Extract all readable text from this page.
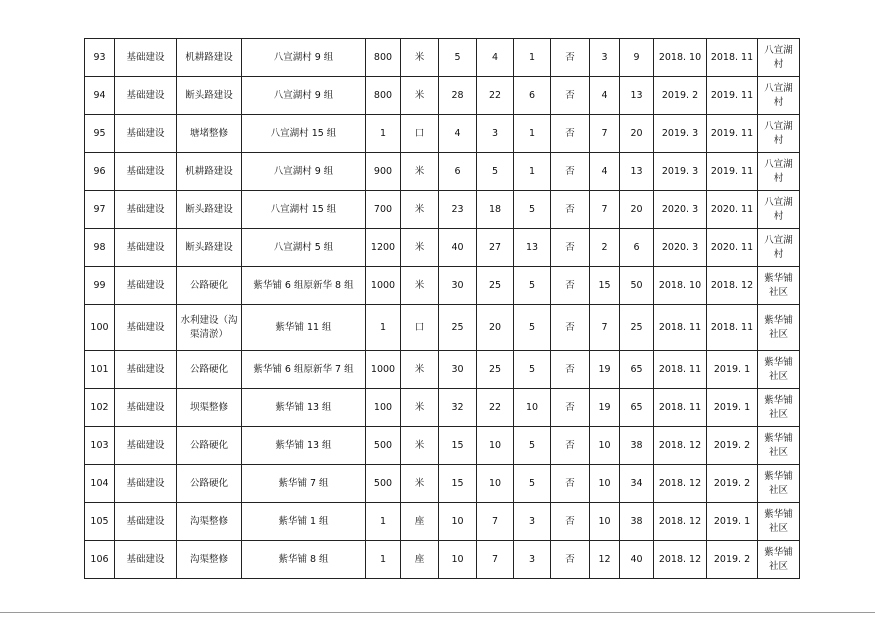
93	基础建设	机耕路建设	八宣湖村 9 组	800	米	5	4	1	否	3	9	2018. 10	2018. 11	八宣湖村
94	基础建设	断头路建设	八宣湖村 9 组	800	米	28	22	6	否	4	13	2019. 2	2019. 11	八宣湖村
95	基础建设	塘堵整修	八宣湖村 15 组	1	口	4	3	1	否	7	20	2019. 3	2019. 11	八宣湖村
96	基础建设	机耕路建设	八宣湖村 9 组	900	米	6	5	1	否	4	13	2019. 3	2019. 11	八宣湖村
97	基础建设	断头路建设	八宣湖村 15 组	700	米	23	18	5	否	7	20	2020. 3	2020. 11	八宣湖村
98	基础建设	断头路建设	八宣湖村 5 组	1200	米	40	27	13	否	2	6	2020. 3	2020. 11	八宣湖村
99	基础建设	公路硬化	紫华铺 6 组原新华 8 组	1000	米	30	25	5	否	15	50	2018. 10	2018. 12	紫华铺社区
100	基础建设	水利建设（沟渠清淤）	紫华铺 11 组	1	口	25	20	5	否	7	25	2018. 11	2018. 11	紫华铺社区
101	基础建设	公路硬化	紫华铺 6 组原新华 7 组	1000	米	30	25	5	否	19	65	2018. 11	2019. 1	紫华铺社区
102	基础建设	坝渠整修	紫华铺 13 组	100	米	32	22	10	否	19	65	2018. 11	2019. 1	紫华铺社区
103	基础建设	公路硬化	紫华铺 13 组	500	米	15	10	5	否	10	38	2018. 12	2019. 2	紫华铺社区
104	基础建设	公路硬化	紫华铺 7 组	500	米	15	10	5	否	10	34	2018. 12	2019. 2	紫华铺社区
105	基础建设	沟渠整修	紫华铺 1 组	1	座	10	7	3	否	10	38	2018. 12	2019. 1	紫华铺社区
106	基础建设	沟渠整修	紫华铺 8 组	1	座	10	7	3	否	12	40	2018. 12	2019. 2	紫华铺社区
